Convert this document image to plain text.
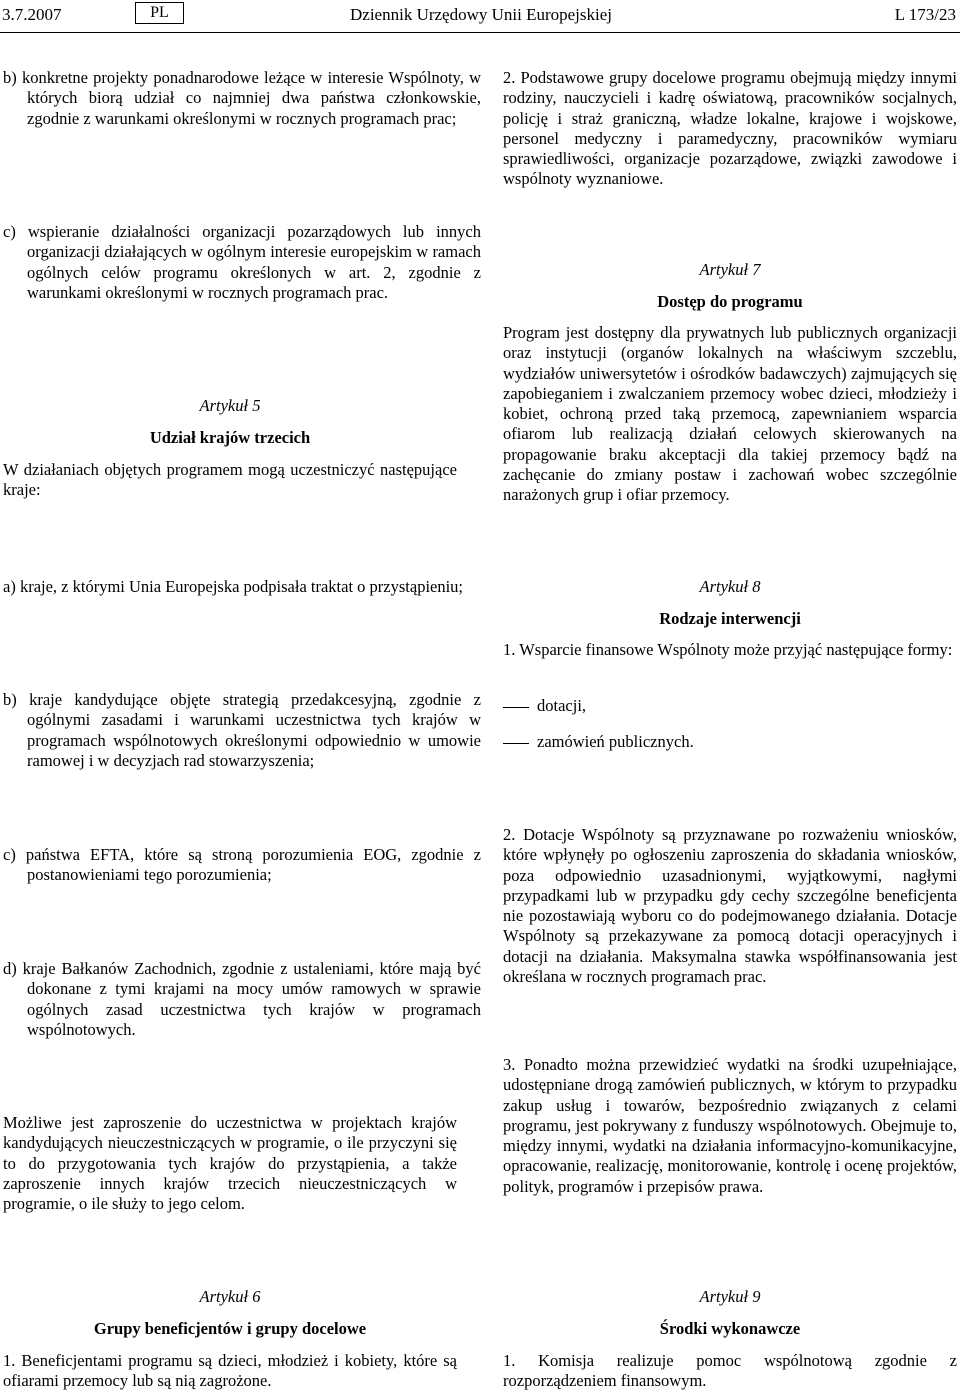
3.7.2007	PL	Dziennik Urzędowy Unii Europejskiej	L 173/23
b) konkretne projekty ponadnarodowe leżące w interesie Wspólnoty, w których biorą udział co najmniej dwa państwa członkowskie, zgodnie z warunkami określonymi w rocznych programach prac;
c) wspieranie działalności organizacji pozarządowych lub innych organizacji działających w ogólnym interesie europejskim w ramach ogólnych celów programu określonych w art. 2, zgodnie z warunkami określonymi w rocznych programach prac.
Artykuł 5
Udział krajów trzecich
W działaniach objętych programem mogą uczestniczyć następujące kraje:
a) kraje, z którymi Unia Europejska podpisała traktat o przystąpieniu;
b) kraje kandydujące objęte strategią przedakcesyjną, zgodnie z ogólnymi zasadami i warunkami uczestnictwa tych krajów w programach wspólnotowych określonymi odpowiednio w umowie ramowej i w decyzjach rad stowarzyszenia;
c) państwa EFTA, które są stroną porozumienia EOG, zgodnie z postanowieniami tego porozumienia;
d) kraje Bałkanów Zachodnich, zgodnie z ustaleniami, które mają być dokonane z tymi krajami na mocy umów ramowych w sprawie ogólnych zasad uczestnictwa tych krajów w programach wspólnotowych.
Możliwe jest zaproszenie do uczestnictwa w projektach krajów kandydujących nieuczestniczących w programie, o ile przyczyni się to do przygotowania tych krajów do przystąpienia, a także zaproszenie innych krajów trzecich nieuczestniczących w programie, o ile służy to jego celom.
Artykuł 6
Grupy beneficjentów i grupy docelowe
1. Beneficjentami programu są dzieci, młodzież i kobiety, które są ofiarami przemocy lub są nią zagrożone.
2. Podstawowe grupy docelowe programu obejmują między innymi rodziny, nauczycieli i kadrę oświatową, pracowników socjalnych, policję i straż graniczną, władze lokalne, krajowe i wojskowe, personel medyczny i paramedyczny, pracowników wymiaru sprawiedliwości, organizacje pozarządowe, związki zawodowe i wspólnoty wyznaniowe.
Artykuł 7
Dostęp do programu
Program jest dostępny dla prywatnych lub publicznych organizacji oraz instytucji (organów lokalnych na właściwym szczeblu, wydziałów uniwersytetów i ośrodków badawczych) zajmujących się zapobieganiem i zwalczaniem przemocy wobec dzieci, młodzieży i kobiet, ochroną przed taką przemocą, zapewnianiem wsparcia ofiarom lub realizacją działań celowych skierowanych na propagowanie braku akceptacji dla takiej przemocy bądź na zachęcanie do zmiany postaw i zachowań wobec szczególnie narażonych grup i ofiar przemocy.
Artykuł 8
Rodzaje interwencji
1. Wsparcie finansowe Wspólnoty może przyjąć następujące formy:
dotacji,
zamówień publicznych.
2. Dotacje Wspólnoty są przyznawane po rozważeniu wniosków, które wpłynęły po ogłoszeniu zaproszenia do składania wniosków, poza odpowiednio uzasadnionymi, wyjątkowymi, nagłymi przypadkami lub w przypadku gdy cechy szczególne beneficjenta nie pozostawiają wyboru co do podejmowanego działania. Dotacje Wspólnoty są przekazywane za pomocą dotacji operacyjnych i dotacji na działania. Maksymalna stawka współfinansowania jest określana w rocznych programach prac.
3. Ponadto można przewidzieć wydatki na środki uzupełniające, udostępniane drogą zamówień publicznych, w którym to przypadku zakup usług i towarów, bezpośrednio związanych z celami programu, jest pokrywany z funduszy wspólnotowych. Obejmuje to, między innymi, wydatki na działania informacyjno-komunikacyjne, opracowanie, realizację, monitorowanie, kontrolę i ocenę projektów, polityk, programów i przepisów prawa.
Artykuł 9
Środki wykonawcze
1. Komisja realizuje pomoc wspólnotową zgodnie z rozporządzeniem finansowym.
